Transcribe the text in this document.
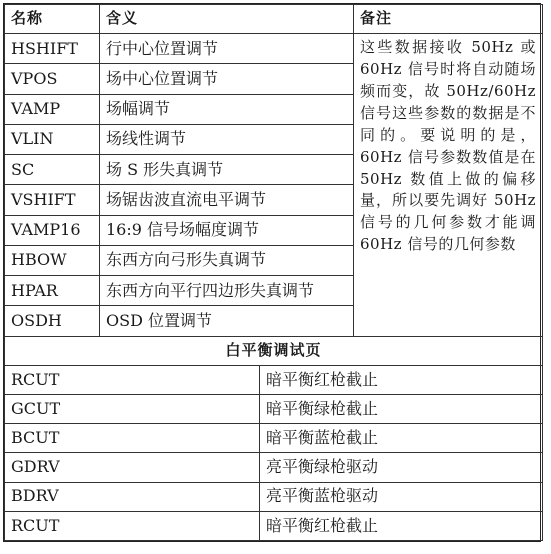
名称	含义		备注
HSHIFT	行中心位置调节		这些数据接收 50Hz 或 60Hz 信号时将自动随场频而变，故 50Hz/60Hz信号这些参数的数据是不同的。要说明的是，60Hz 信号参数数值是在 50Hz 数值上做的偏移量，所以要先调好 50Hz 信号的几何参数才能调 60Hz 信号的几何参数
VPOS	场中心位置调节		
VAMP	场幅调节		
VLIN	场线性调节		
SC	场 S 形失真调节		
VSHIFT	场锯齿波直流电平调节		
VAMP16	16:9 信号场幅度调节		
HBOW	东西方向弓形失真调节		
HPAR	东西方向平行四边形失真调节		
OSDH	OSD 位置调节		
白平衡调试页			
RCUT		暗平衡红枪截止	
GCUT		暗平衡绿枪截止	
BCUT		暗平衡蓝枪截止	
GDRV		亮平衡绿枪驱动	
BDRV		亮平衡蓝枪驱动	
RCUT		暗平衡红枪截止	
